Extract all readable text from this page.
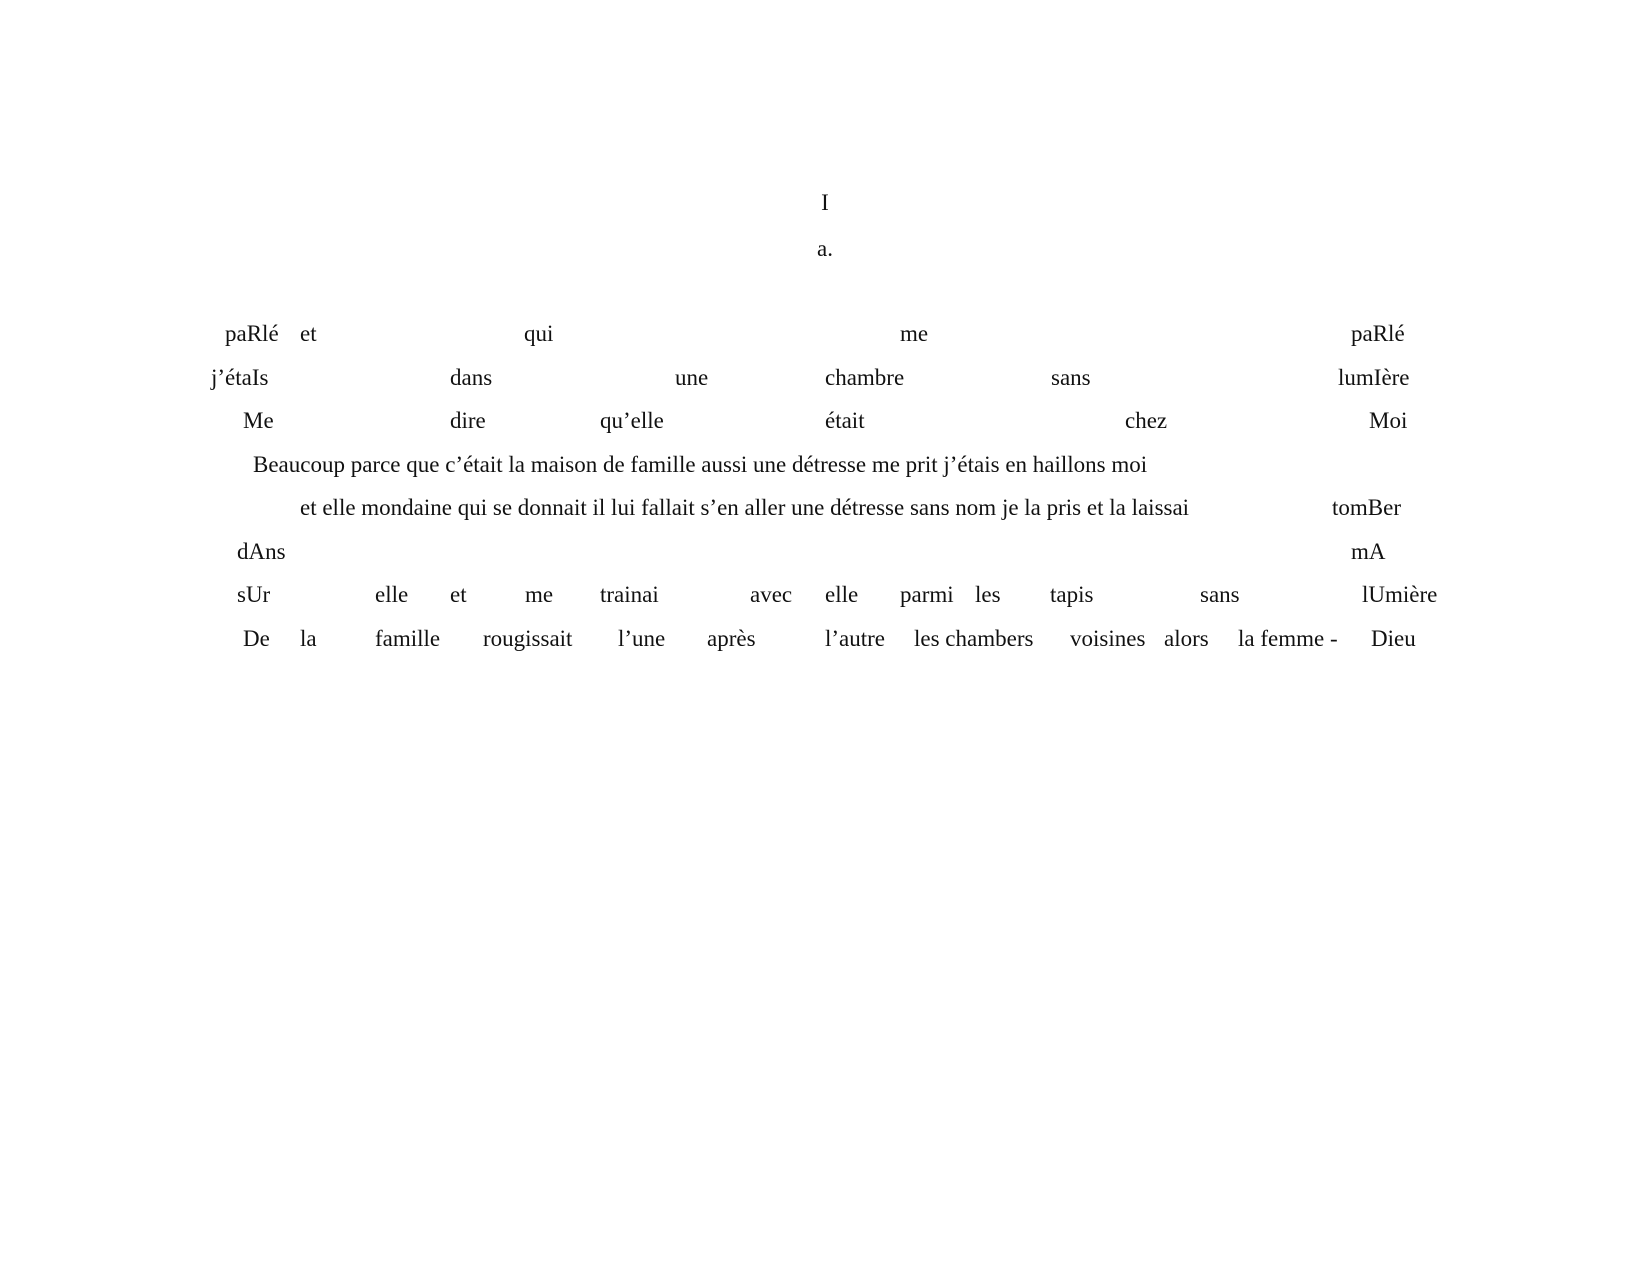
I
a.
paRlé et	qui	me	paRlé
j’étaIs	dans	une	chambre	sans	lumIère
Me	dire	qu’elle	était	chez	Moi
Beaucoup parce que c’était la maison de famille aussi une détresse me prit j’étais en haillons moi
et elle mondaine qui se donnait il lui fallait s’en aller une détresse sans nom je la pris et la laissai	tomBer
dAns	mA
sUr	elle et	me trainai	avec elle parmi les tapis	sans	lUmière
De la	famille rougissait l’une après	l’autre les chambers voisines alors la femme - Dieu
